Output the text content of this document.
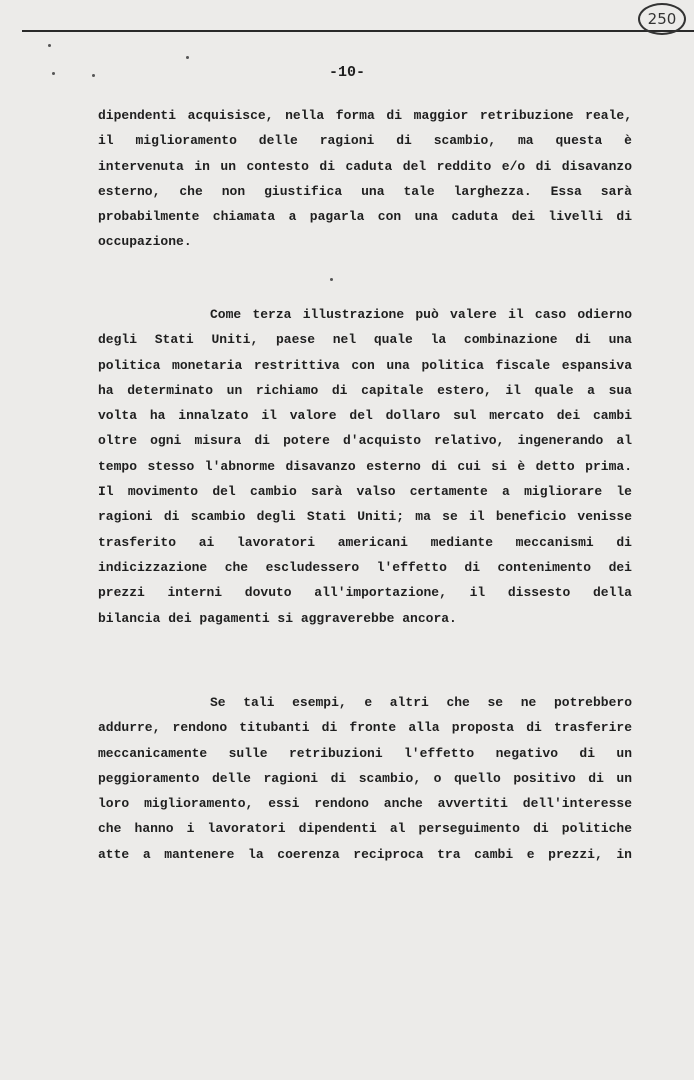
250
-10-
dipendenti acquisisce, nella forma di maggior retribuzione reale,
il miglioramento delle ragioni di scambio, ma questa è
intervenuta in un contesto di caduta del reddito e/o di disavanzo
esterno, che non giustifica una tale larghezza. Essa sarà
probabilmente chiamata a pagarla con una caduta dei livelli di
occupazione.
Come terza illustrazione può valere il caso odierno
degli Stati Uniti, paese nel quale la combinazione di una
politica monetaria restrittiva con una politica fiscale espansiva
ha determinato un richiamo di capitale estero, il quale a sua
volta ha innalzato il valore del dollaro sul mercato dei cambi
oltre ogni misura di potere d'acquisto relativo, ingenerando al
tempo stesso l'abnorme disavanzo esterno di cui si è detto prima.
Il movimento del cambio sarà valso certamente a migliorare le
ragioni di scambio degli Stati Uniti; ma se il beneficio venisse
trasferito ai lavoratori americani mediante meccanismi di
indicizzazione che escludessero l'effetto di contenimento dei
prezzi interni dovuto all'importazione, il dissesto della
bilancia dei pagamenti si aggraverebbe ancora.
Se tali esempi, e altri che se ne potrebbero
addurre, rendono titubanti di fronte alla proposta di trasferire
meccanicamente sulle retribuzioni l'effetto negativo di un
peggioramento delle ragioni di scambio, o quello positivo di un
loro miglioramento, essi rendono anche avvertiti dell'interesse
che hanno i lavoratori dipendenti al perseguimento di politiche
atte a mantenere la coerenza reciproca tra cambi e prezzi, in
